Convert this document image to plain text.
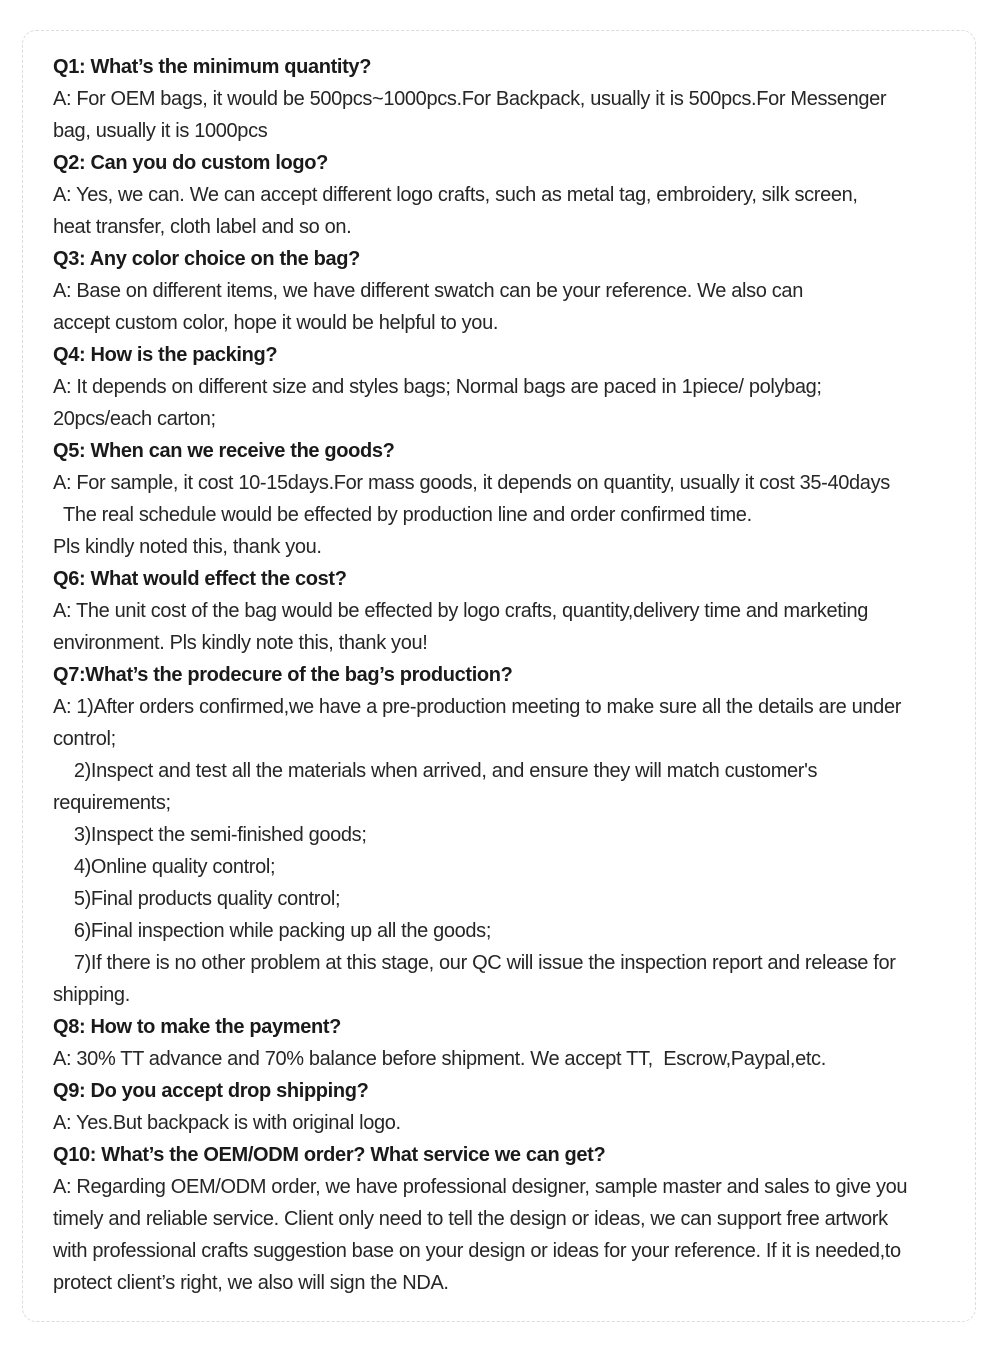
Q1: What’s the minimum quantity?
A: For OEM bags, it would be 500pcs~1000pcs.For Backpack, usually it is 500pcs.For Messenger
bag, usually it is 1000pcs
Q2: Can you do custom logo?
A: Yes, we can. We can accept different logo crafts, such as metal tag, embroidery, silk screen,
heat transfer, cloth label and so on.
Q3: Any color choice on the bag?
A: Base on different items, we have different swatch can be your reference. We also can
accept custom color, hope it would be helpful to you.
Q4: How is the packing?
A: It depends on different size and styles bags; Normal bags are paced in 1piece/ polybag;
20pcs/each carton;
Q5: When can we receive the goods?
A: For sample, it cost 10-15days.For mass goods, it depends on quantity, usually it cost 35-40days
The real schedule would be effected by production line and order confirmed time.
Pls kindly noted this, thank you.
Q6: What would effect the cost?
A: The unit cost of the bag would be effected by logo crafts, quantity,delivery time and marketing
environment. Pls kindly note this, thank you!
Q7:What’s the prodecure of the bag’s production?
A: 1)After orders confirmed,we have a pre-production meeting to make sure all the details are under
control;
2)Inspect and test all the materials when arrived, and ensure they will match customer's
requirements;
3)Inspect the semi-finished goods;
4)Online quality control;
5)Final products quality control;
6)Final inspection while packing up all the goods;
7)If there is no other problem at this stage, our QC will issue the inspection report and release for
shipping.
Q8: How to make the payment?
A: 30% TT advance and 70% balance before shipment. We accept TT,  Escrow,Paypal,etc.
Q9: Do you accept drop shipping?
A: Yes.But backpack is with original logo.
Q10: What’s the OEM/ODM order? What service we can get?
A: Regarding OEM/ODM order, we have professional designer, sample master and sales to give you
timely and reliable service. Client only need to tell the design or ideas, we can support free artwork
with professional crafts suggestion base on your design or ideas for your reference. If it is needed,to
protect client’s right, we also will sign the NDA.
